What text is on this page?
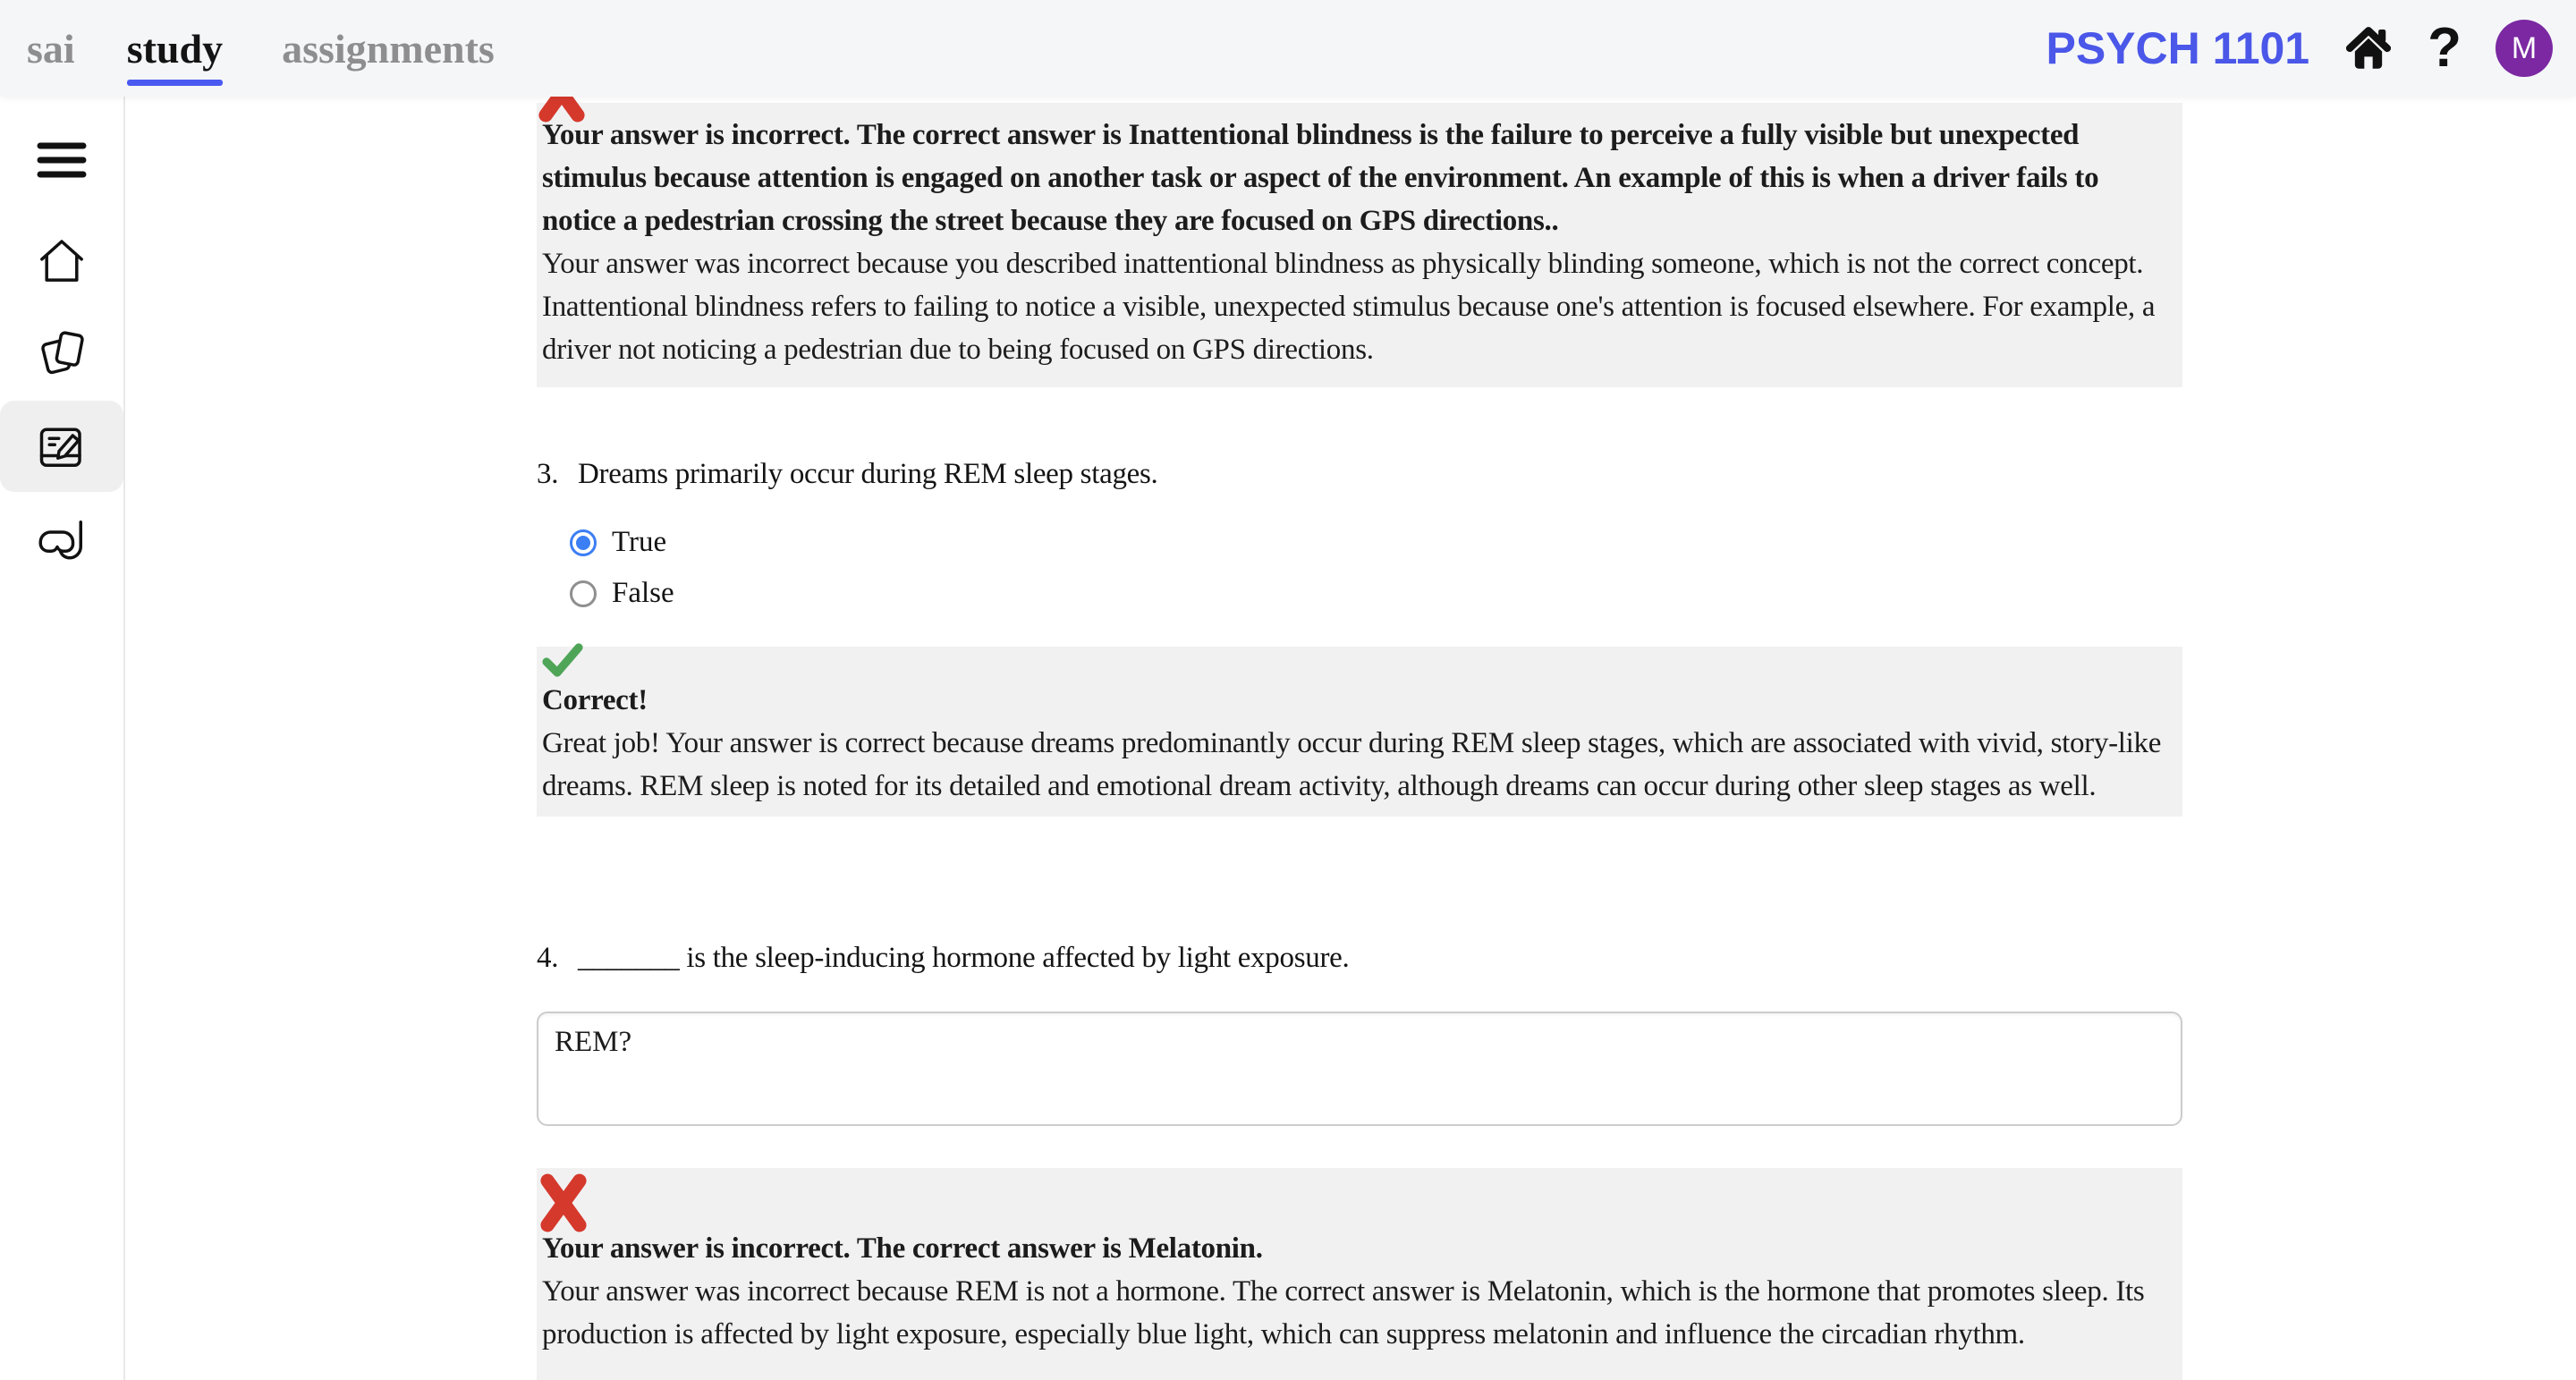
sai study assignments	PSYCH 1101 ? M
Your answer is incorrect. The correct answer is Inattentional blindness is the failure to perceive a fully visible but unexpected stimulus because attention is engaged on another task or aspect of the environment. An example of this is when a driver fails to notice a pedestrian crossing the street because they are focused on GPS directions..
Your answer was incorrect because you described inattentional blindness as physically blinding someone, which is not the correct concept. Inattentional blindness refers to failing to notice a visible, unexpected stimulus because one's attention is focused elsewhere. For example, a driver not noticing a pedestrian due to being focused on GPS directions.
3. Dreams primarily occur during REM sleep stages.
True
False
Correct!
Great job! Your answer is correct because dreams predominantly occur during REM sleep stages, which are associated with vivid, story-like dreams. REM sleep is noted for its detailed and emotional dream activity, although dreams can occur during other sleep stages as well.
4. _______ is the sleep-inducing hormone affected by light exposure.
REM?
Your answer is incorrect. The correct answer is Melatonin.
Your answer was incorrect because REM is not a hormone. The correct answer is Melatonin, which is the hormone that promotes sleep. Its production is affected by light exposure, especially blue light, which can suppress melatonin and influence the circadian rhythm.
